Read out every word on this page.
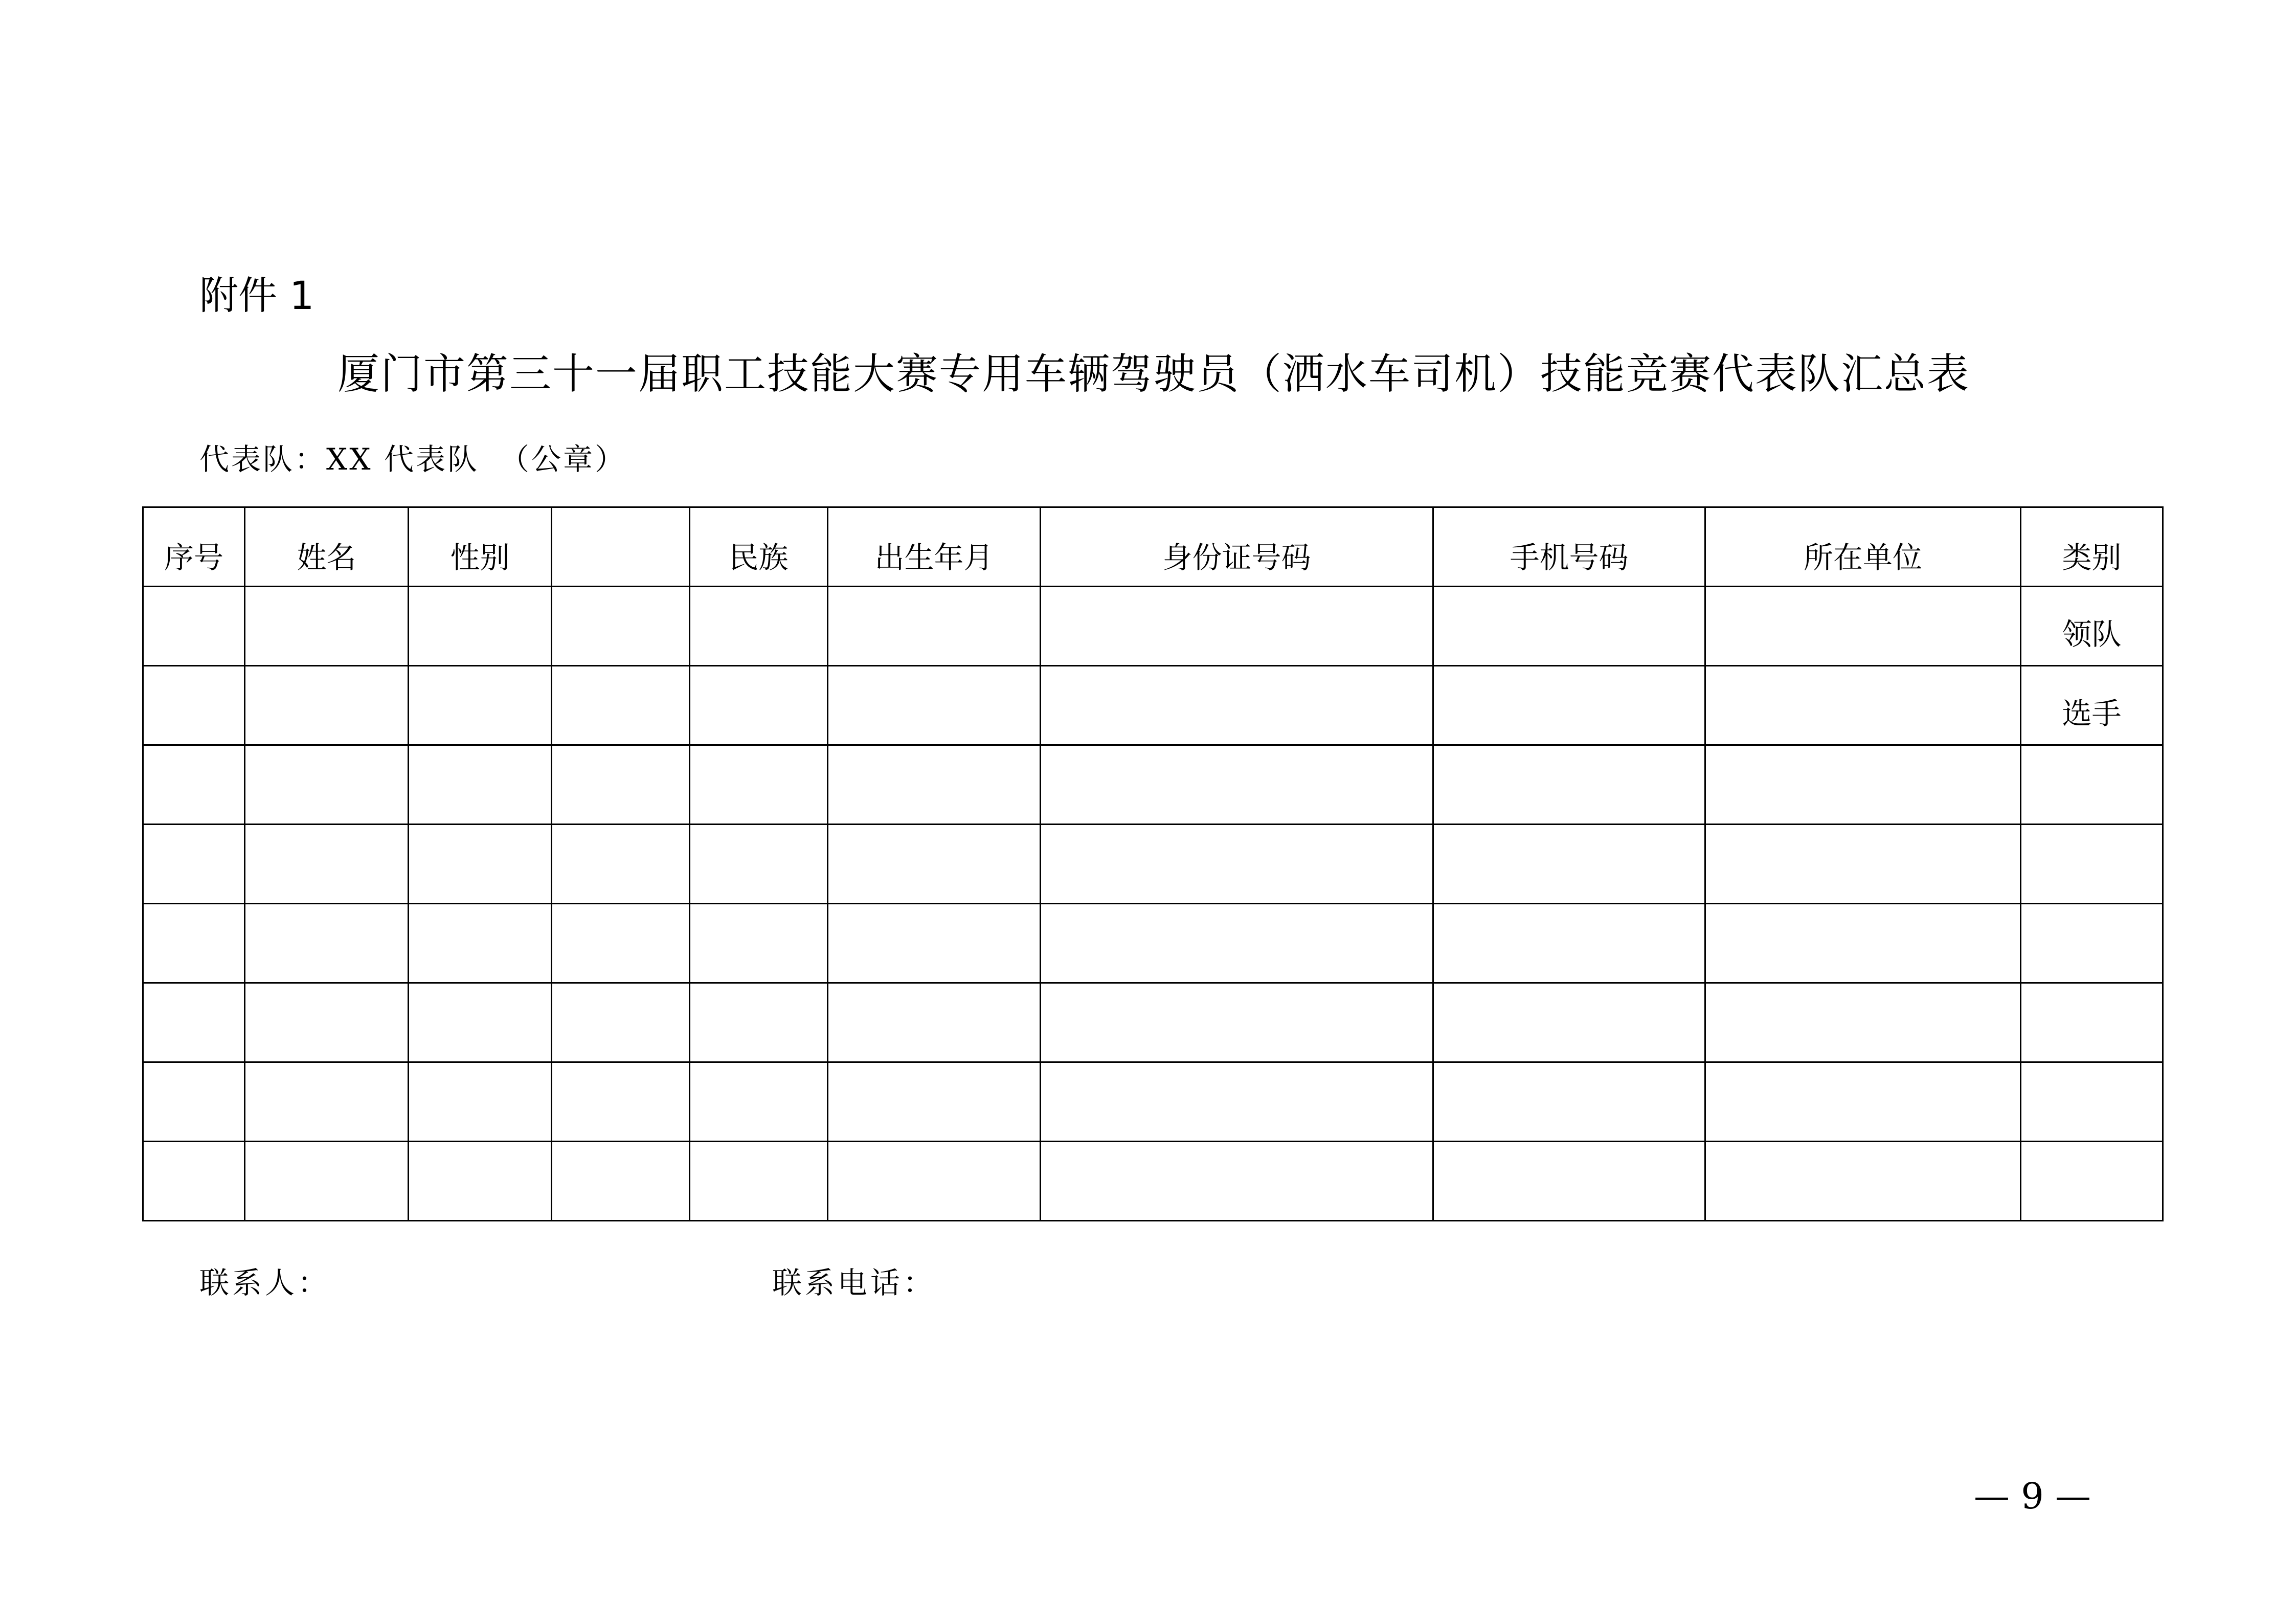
附件 1
厦门市第三十一届职工技能大赛专用车辆驾驶员（洒水车司机）技能竞赛代表队汇总表
代表队：XX 代表队 （公章）
序号	姓名	性别		民族	出生年月	身份证号码	手机号码	所在单位	类别
									领队
									选手

联系人：	联系电话：
— 9 —
